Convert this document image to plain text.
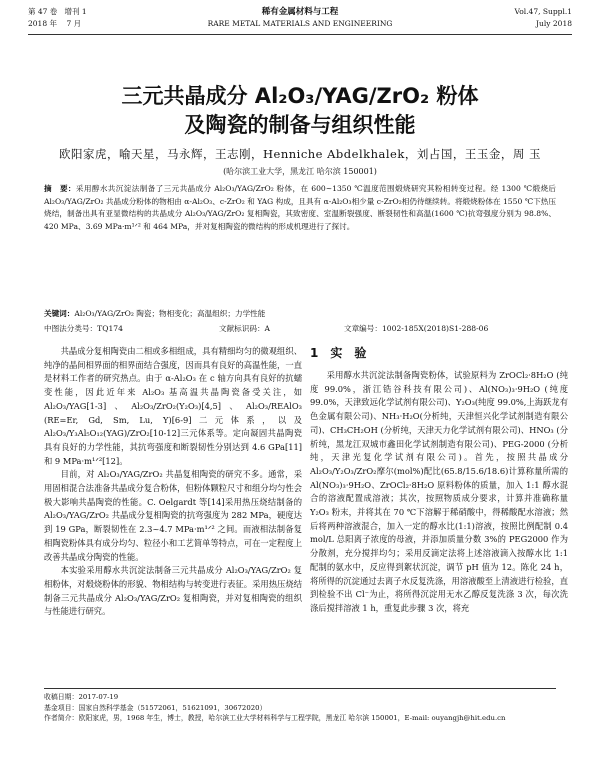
第 47 卷 增刊 1
2018 年 7 月
稀有金属材料与工程
RARE METAL MATERIALS AND ENGINEERING
Vol.47, Suppl.1
July 2018
三元共晶成分 Al₂O₃/YAG/ZrO₂ 粉体
及陶瓷的制备与组织性能
欧阳家虎，喻天星，马永辉，王志刚，Henniche Abdelkhalek，刘占国，王玉金，周 玉
(哈尔滨工业大学，黑龙江 哈尔滨 150001)
摘　要：采用醇水共沉淀法制备了三元共晶成分 Al₂O₃/YAG/ZrO₂ 粉体，在 600~1350 ℃温度范围煅烧研究其粉相转变过程。经 1300 ℃煅烧后 Al₂O₃/YAG/ZrO₂ 共晶成分粉体的物相由 α-Al₂O₃、c-ZrO₂ 和 YAG 构成，且具有 α-Al₂O₃相少量 c-ZrO₂相仍待继续转。将煅烧粉体在 1550 ℃下热压烧结，制备出具有亚显微结构的共晶成分 Al₂O₃/YAG/ZrO₂ 复相陶瓷，其致密度、室温断裂强度、断裂韧性和高温(1600 ℃)抗弯强度分别为 98.8%、420 MPa、3.69 MPa·m¹ᐟ² 和 464 MPa，并对复相陶瓷的微结构的形成机理进行了探讨。
关键词：Al₂O₃/YAG/ZrO₂ 陶瓷；物相变化；高温组织；力学性能
中图法分类号：TQ174	文献标识码：A	文章编号：1002-185X(2018)S1-288-06

共晶成分复相陶瓷由二相或多相组成，具有精细均匀的微观组织、纯净的晶间相界面的相界面结合强度，因而具有良好的高温性能，一直是材料工作者的研究热点。由于 α-Al₂O₃ 在 c 轴方向具有良好的抗蠕变性能，因此近年来 Al₂O₃ 基高温共晶陶瓷备受关注，如 Al₂O₃/YAG[1-3]、Al₂O₃/ZrO₂(Y₂O₃)[4,5]、Al₂O₃/REAlO₃ (RE=Er, Gd, Sm, Lu, Y)[6-9]二元体系，以及 Al₂O₃/Y₃Al₅O₁₂(YAG)/ZrO₂[10-12]三元体系等。定向凝固共晶陶瓷具有良好的力学性能，其抗弯强度和断裂韧性分别达到 4.6 GPa[11]和 9 MPa·m¹ᐟ²[12]。

目前，对 Al₂O₃/YAG/ZrO₂ 共晶复相陶瓷的研究不多。通常，采用固相混合法准备共晶成分复合粉体，但粉体颗粒尺寸和组分均匀性会极大影响共晶陶瓷的性能。C. Oelgardt 等[14]采用热压烧结制备的 Al₂O₃/YAG/ZrO₂ 共晶成分复相陶瓷的抗弯强度为 282 MPa，硬度达到 19 GPa，断裂韧性在 2.3~4.7 MPa·m¹ᐟ² 之间。而液相法制备复相陶瓷粉体具有成分均匀、粒径小和工艺简单等特点，可在一定程度上改善共晶成分陶瓷的性能。

本实验采用醇水共沉淀法制备三元共晶成分 Al₂O₃/YAG/ZrO₂ 复相粉体，对煅烧粉体的形貌、物相结构与转变进行表征。采用热压烧结制备三元共晶成分 Al₂O₃/YAG/ZrO₂ 复相陶瓷，并对复相陶瓷的组织与性能进行研究。

1　实　验

采用醇水共沉淀法制备陶瓷粉体，试验原料为 ZrOCl₂·8H₂O (纯度 99.0%，浙江锆谷科技有限公司)、Al(NO₃)₃·9H₂O (纯度 99.0%，天津致远化学试剂有限公司)、Y₂O₃(纯度 99.0%,上海跃龙有色金属有限公司)、NH₃·H₂O(分析纯，天津恒兴化学试剂制造有限公司)、CH₃CH₂OH (分析纯，天津天力化学试剂有限公司)、HNO₃ (分析纯，黑龙江双城市鑫田化学试剂制造有限公司)、PEG-2000 (分析纯，天津光复化学试剂有限公司)。首先，按照共晶成分 Al₂O₃/Y₂O₃/ZrO₂摩尔(mol%)配比(65.8/15.6/18.6)计算称量所需的 Al(NO₃)₃·9H₂O、ZrOCl₂·8H₂O 原料粉体的质量，加入 1:1 醇水混合的溶液配置成溶液；其次，按照物质成分要求，计算并准确称量 Y₂O₃ 粉末，并将其在 70 ℃下溶解于稀硝酸中，得稀酸配水溶液；然后将两种溶液混合，加入一定的醇水比(1:1)溶液，按照比例配制 0.4 mol/L 总阳离子浓度的母液，并添加质量分数 3%的 PEG2000 作为分散剂，充分搅拌均匀；采用反滴定法将上述溶液滴入按醇水比 1:1 配制的氨水中，反应得到絮状沉淀，调节 pH 值为 12。陈化 24 h，将所得的沉淀通过去离子水反复洗涤，用溶液酸至上清液进行检验，直到检验不出 Cl⁻为止，将所得沉淀用无水乙醇反复洗涤 3 次，每次洗涤后搅拌溶液 1 h，重复此步骤 3 次，将充

收稿日期：2017-07-19
基金项目：国家自然科学基金（51572061，51621091，30672020）
作者简介：欧阳家虎，男，1968 年生，博士，教授，哈尔滨工业大学材料科学与工程学院，黑龙江 哈尔滨 150001，E-mail: ouyangjh@hit.edu.cn
